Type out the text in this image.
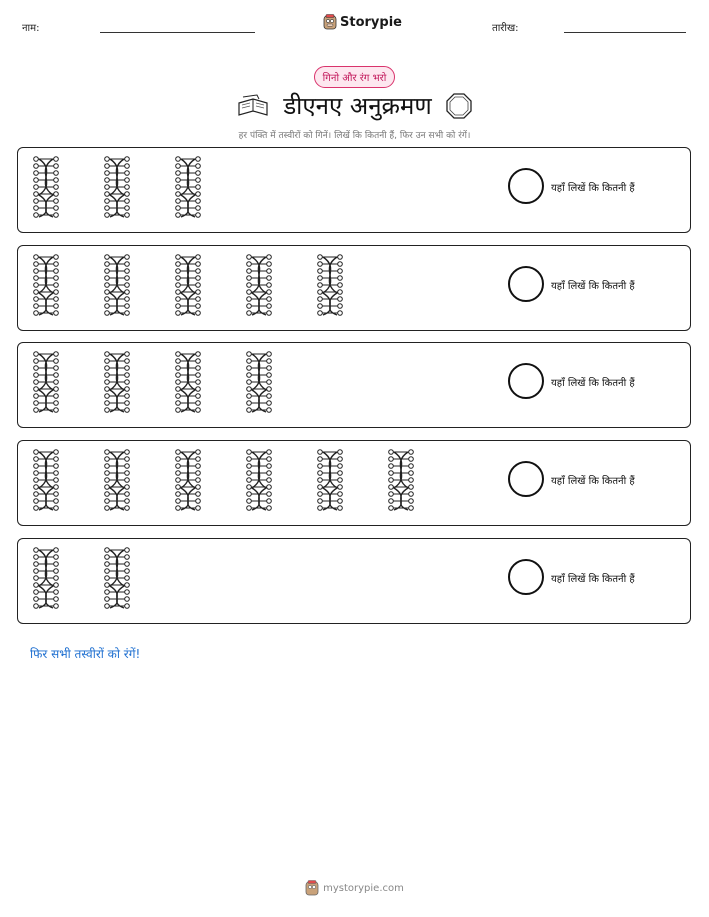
नाम:	Storypie	तारीख:
गिनो और रंग भरो
डीएनए अनुक्रमण
हर पंक्ति में तस्वीरों को गिनें। लिखें कि कितनी हैं, फिर उन सभी को रंगें।
यहाँ लिखें कि कितनी हैं
यहाँ लिखें कि कितनी हैं
यहाँ लिखें कि कितनी हैं
यहाँ लिखें कि कितनी हैं
यहाँ लिखें कि कितनी हैं
फिर सभी तस्वीरों को रंगें!
mystorypie.com
